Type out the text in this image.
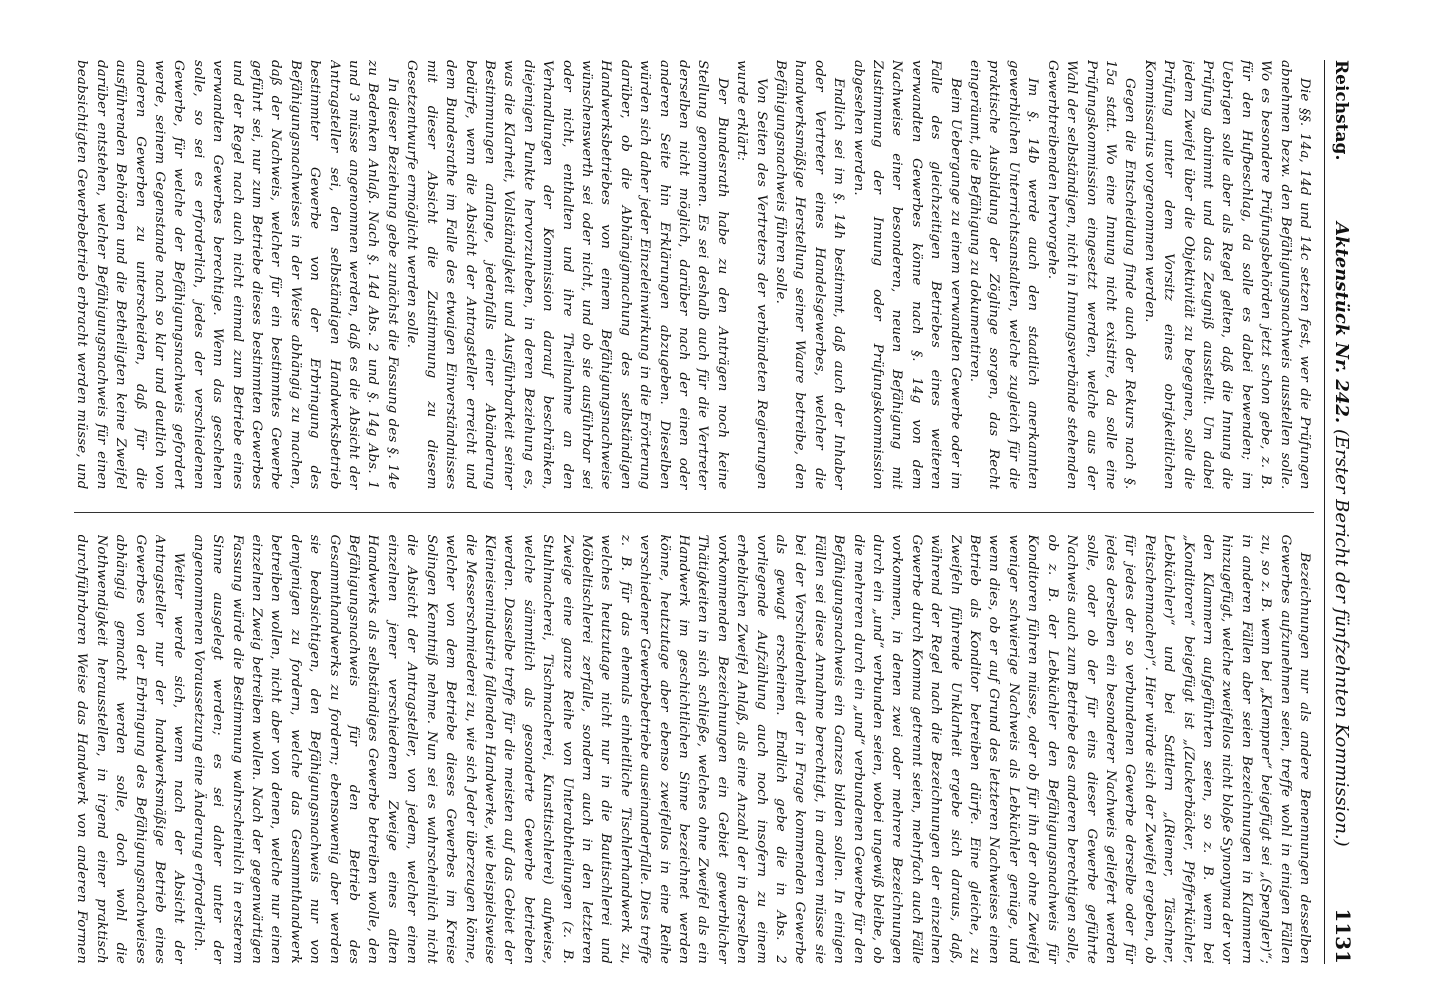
Reichstag.
Aktenstück Nr. 242. (Erster Bericht der fünfzehnten Kommission.)
1131

Die §§. 14a, 14d und 14c setzen fest, wer die Prüfungen abnehmen bezw. den Befähigungsnachweis ausstellen solle. Wo es besondere Prüfungsbehörden jetzt schon gebe, z. B. für den Hufbeschlag, da solle es dabei bewenden; im Uebrigen solle aber als Regel gelten, daß die Innung die Prüfung abnimmt und das Zeugniß ausstellt. Um dabei jedem Zweifel über die Objektivität zu begegnen, solle die Prüfung unter dem Vorsitz eines obrigkeitlichen Kommissarius vorgenommen werden.

Gegen die Entscheidung finde auch der Rekurs nach §. 15a statt. Wo eine Innung nicht existire, da solle eine Prüfungskommission eingesetzt werden, welche aus der Wahl der selbständigen, nicht in Innungsverbände stehenden Gewerbtreibenden hervorgehe.

Im §. 14b werde auch den staatlich anerkannten gewerblichen Unterrichtsanstalten, welche zugleich für die praktische Ausbildung der Zöglinge sorgen, das Recht eingeräumt, die Befähigung zu dokumentiren.

Beim Uebergange zu einem verwandten Gewerbe oder im Falle des gleichzeitigen Betriebes eines weiteren verwandten Gewerbes könne nach §. 14g von dem Nachweise einer besonderen, neuen Befähigung mit Zustimmung der Innung oder Prüfungskommission abgesehen werden.

Endlich sei im §. 14h bestimmt, daß auch der Inhaber oder Vertreter eines Handelsgewerbes, welcher die handwerksmäßige Herstellung seiner Waare betreibe, den Befähigungsnachweis führen solle.

Von Seiten des Vertreters der verbündeten Regierungen wurde erklärt:

Der Bundesrath habe zu den Anträgen noch keine Stellung genommen. Es sei deshalb auch für die Vertreter derselben nicht möglich, darüber nach der einen oder anderen Seite hin Erklärungen abzugeben. Dieselben würden sich daher jeder Einzeleinwirkung in die Erörterung darüber, ob die Abhängigmachung des selbständigen Handwerksbetriebes von einem Befähigungsnachweise wünschenswerth sei oder nicht, und ob sie ausführbar sei oder nicht, enthalten und ihre Theilnahme an den Verhandlungen der Kommission darauf beschränken, diejenigen Punkte hervorzuheben, in deren Beziehung es, was die Klarheit, Vollständigkeit und Ausführbarkeit seiner Bestimmungen anlange, jedenfalls einer Abänderung bedürfe, wenn die Absicht der Antragsteller erreicht und dem Bundesrathe im Falle des etwaigen Einverständnisses mit dieser Absicht die Zustimmung zu diesem Gesetzentwurfe ermöglicht werden solle.

In dieser Beziehung gebe zunächst die Fassung des §. 14e zu Bedenken Anlaß. Nach §. 14d Abs. 2 und §. 14g Abs. 1 und 3 müsse angenommen werden, daß es die Absicht der Antragsteller sei, den selbständigen Handwerksbetrieb bestimmter Gewerbe von der Erbringung des Befähigungsnachweises in der Weise abhängig zu machen, daß der Nachweis, welcher für ein bestimmtes Gewerbe geführt sei, nur zum Betriebe dieses bestimmten Gewerbes und der Regel nach auch nicht einmal zum Betriebe eines verwandten Gewerbes berechtige. Wenn das geschehen solle, so sei es erforderlich, jedes der verschiedenen Gewerbe, für welche der Befähigungsnachweis gefordert werde, seinem Gegenstande nach so klar und deutlich von anderen Gewerben zu unterscheiden, daß für die ausführenden Behörden und die Betheiligten keine Zweifel darüber entstehen, welcher Befähigungsnachweis für einen beabsichtigten Gewerbebetrieb erbracht werden müsse, und

Bezeichnungen nur als andere Benennungen desselben Gewerbes aufzunehmen seien, treffe wohl in einigen Fällen zu, so z. B. wenn bei „Klempner“ beigefügt sei „(Spengler)“; in anderen Fällen aber seien Bezeichnungen in Klammern hinzugefügt, welche zweifellos nicht bloße Synonyma der vor den Klammern aufgeführten seien, so z. B. wenn bei „Konditoren“ beigefügt ist „(Zuckerbäcker, Pfefferküchler, Lebküchler)“ und bei Sattlern „(Riemer, Täschner, Peitschenmacher)“. Hier würde sich der Zweifel ergeben, ob für jedes der so verbundenen Gewerbe derselbe oder für jedes derselben ein besonderer Nachweis geliefert werden solle, oder ob der für eins dieser Gewerbe geführte Nachweis auch zum Betriebe des anderen berechtigen solle, ob z. B. der Lebküchler den Befähigungsnachweis für Konditoren führen müsse, oder ob für ihn der ohne Zweifel weniger schwierige Nachweis als Lebküchler genüge, und wenn dies, ob er auf Grund des letzteren Nachweises einen Betrieb als Konditor betreiben dürfe. Eine gleiche, zu Zweifeln führende Unklarheit ergebe sich daraus, daß, während der Regel nach die Bezeichnungen der einzelnen Gewerbe durch Komma getrennt seien, mehrfach auch Fälle vorkommen, in denen zwei oder mehrere Bezeichnungen durch ein „und“ verbunden seien, wobei ungewiß bleibe, ob die mehreren durch ein „und“ verbundenen Gewerbe für den Befähigungsnachweis ein Ganzes bilden sollen. In einigen Fällen sei diese Annahme berechtigt, in anderen müsse sie bei der Verschiedenheit der in Frage kommenden Gewerbe als gewagt erscheinen. Endlich gebe die in Abs. 2 vorliegende Aufzählung auch noch insofern zu einem erheblichen Zweifel Anlaß, als eine Anzahl der in derselben vorkommenden Bezeichnungen ein Gebiet gewerblicher Thätigkeiten in sich schließe, welches ohne Zweifel als ein Handwerk im geschichtlichen Sinne bezeichnet werden könne, heutzutage aber ebenso zweifellos in eine Reihe verschiedener Gewerbebetriebe auseinanderfalle. Dies treffe z. B. für das ehemals einheitliche Tischlerhandwerk zu, welches heutzutage nicht nur in die Bautischlerei und Möbeltischlerei zerfalle, sondern auch in den letzteren Zweige eine ganze Reihe von Unterabtheilungen (z. B. Stuhlmacherei, Tischmacherei, Kunsttischlerei) aufweise, welche sämmtlich als gesonderte Gewerbe betrieben werden. Dasselbe treffe für die meisten auf das Gebiet der Kleineisenindustrie fallenden Handwerke, wie beispielsweise die Messerschmiederei zu, wie sich Jeder überzeugen könne, welcher von dem Betriebe dieses Gewerbes im Kreise Solingen Kenntniß nehme. Nun sei es wahrscheinlich nicht die Absicht der Antragsteller, von jedem, welcher einen einzelnen jener verschiedenen Zweige eines alten Handwerks als selbständiges Gewerbe betreiben wolle, den Befähigungsnachweis für den Betrieb des Gesammthandwerks zu fordern; ebensowenig aber werden sie beabsichtigen, den Befähigungsnachweis nur von demjenigen zu fordern, welche das Gesammthandwerk betreiben wollen, nicht aber von denen, welche nur einen einzelnen Zweig betreiben wollen. Nach der gegenwärtigen Fassung würde die Bestimmung wahrscheinlich in ersterem Sinne ausgelegt werden; es sei daher unter der angenommenen Voraussetzung eine Änderung erforderlich.

Weiter werde sich, wenn nach der Absicht der Antragsteller nur der handwerksmäßige Betrieb eines Gewerbes von der Erbringung des Befähigungsnachweises abhängig gemacht werden solle, doch wohl die Nothwendigkeit herausstellen, in irgend einer praktisch durchführbaren Weise das Handwerk von anderen Formen
